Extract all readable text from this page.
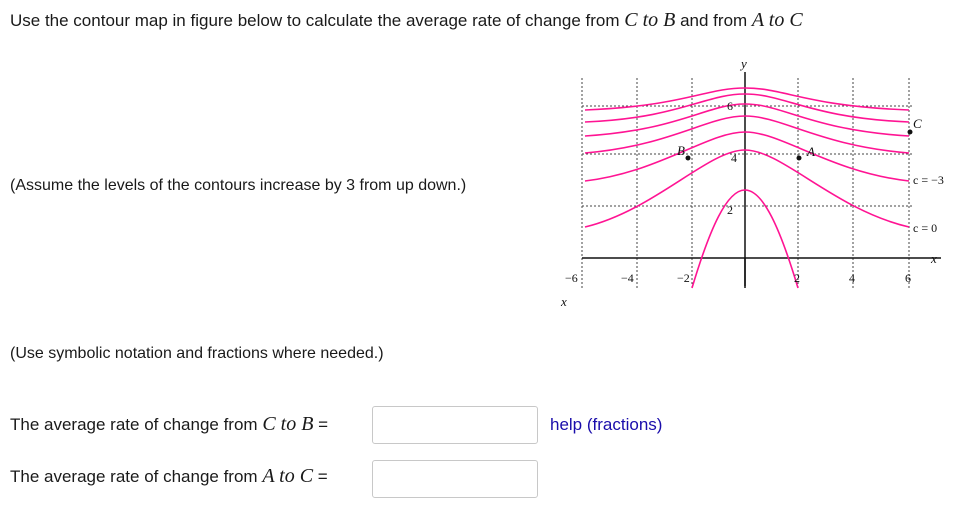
Use the contour map in figure below to calculate the average rate of change from C to B and from A to C
(Assume the levels of the contours increase by 3 from up down.)
y
x
x
B	A
C
−6	−4	−2	2	4	6
6
4
2
c = −3
c = 0
(Use symbolic notation and fractions where needed.)
The average rate of change from C to B =	help (fractions)
The average rate of change from A to C =
